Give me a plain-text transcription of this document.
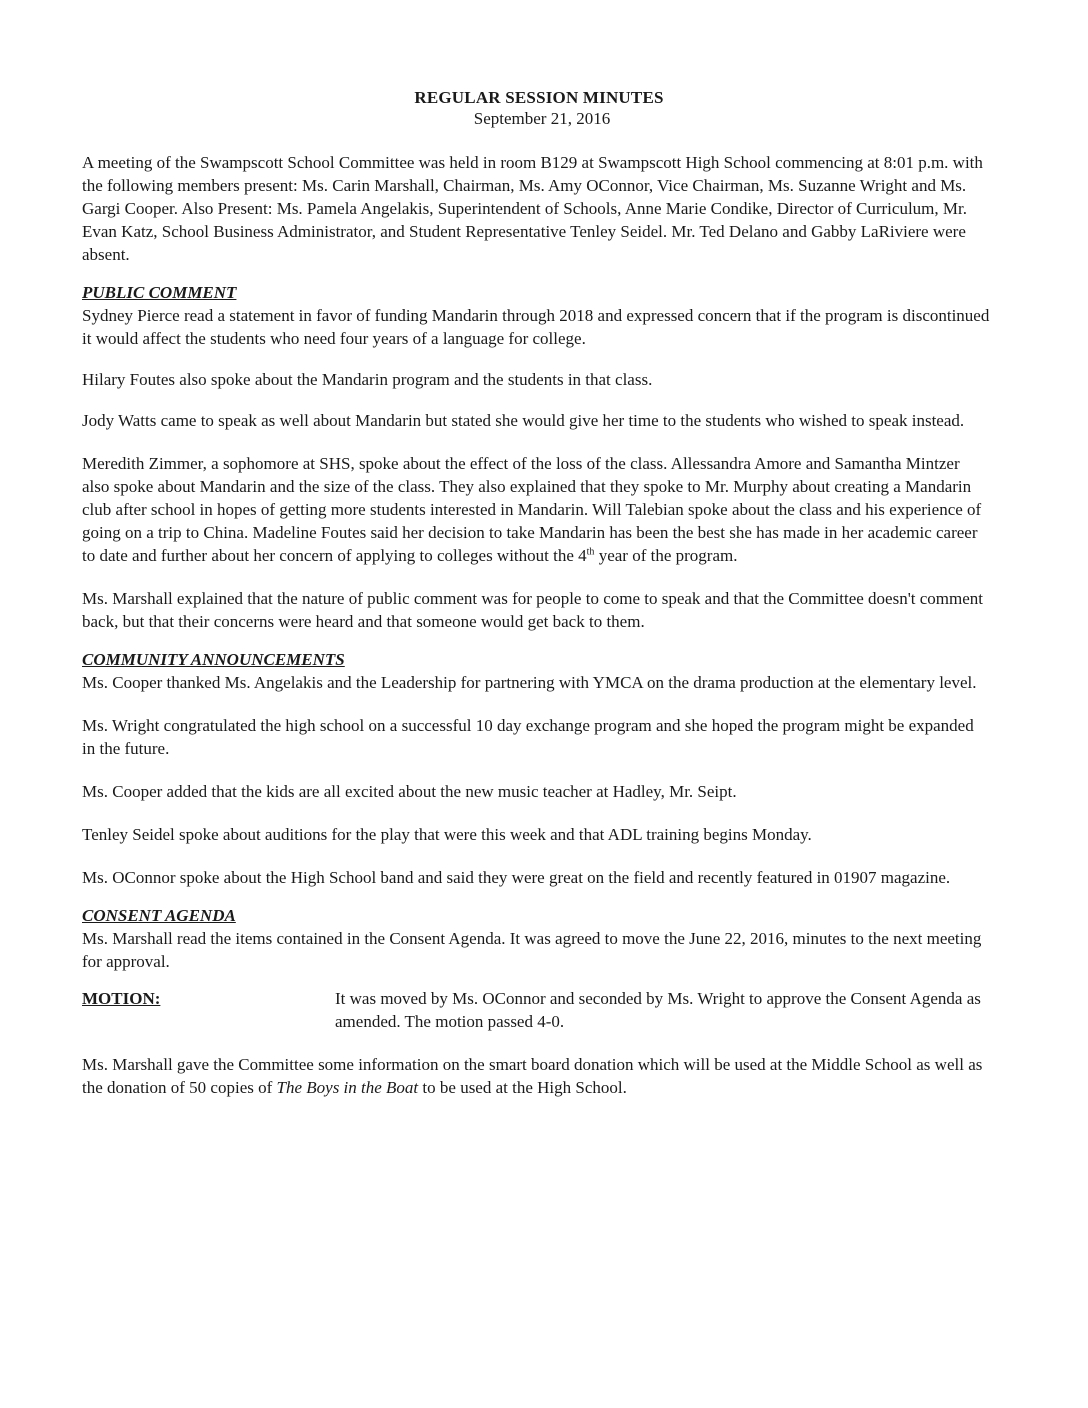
REGULAR SESSION MINUTES
September 21, 2016

A meeting of the Swampscott School Committee was held in room B129 at Swampscott High School commencing at 8:01 p.m. with the following members present: Ms. Carin Marshall, Chairman, Ms. Amy OConnor, Vice Chairman, Ms. Suzanne Wright and Ms. Gargi Cooper. Also Present: Ms. Pamela Angelakis, Superintendent of Schools, Anne Marie Condike, Director of Curriculum, Mr. Evan Katz, School Business Administrator, and Student Representative Tenley Seidel. Mr. Ted Delano and Gabby LaRiviere were absent.

PUBLIC COMMENT

Sydney Pierce read a statement in favor of funding Mandarin through 2018 and expressed concern that if the program is discontinued it would affect the students who need four years of a language for college.

Hilary Foutes also spoke about the Mandarin program and the students in that class.

Jody Watts came to speak as well about Mandarin but stated she would give her time to the students who wished to speak instead.

Meredith Zimmer, a sophomore at SHS, spoke about the effect of the loss of the class. Allessandra Amore and Samantha Mintzer also spoke about Mandarin and the size of the class. They also explained that they spoke to Mr. Murphy about creating a Mandarin club after school in hopes of getting more students interested in Mandarin. Will Talebian spoke about the class and his experience of going on a trip to China. Madeline Foutes said her decision to take Mandarin has been the best she has made in her academic career to date and further about her concern of applying to colleges without the 4th year of the program.

Ms. Marshall explained that the nature of public comment was for people to come to speak and that the Committee doesn't comment back, but that their concerns were heard and that someone would get back to them.

COMMUNITY ANNOUNCEMENTS

Ms. Cooper thanked Ms. Angelakis and the Leadership for partnering with YMCA on the drama production at the elementary level.

Ms. Wright congratulated the high school on a successful 10 day exchange program and she hoped the program might be expanded in the future.

Ms. Cooper added that the kids are all excited about the new music teacher at Hadley, Mr. Seipt.

Tenley Seidel spoke about auditions for the play that were this week and that ADL training begins Monday.

Ms. OConnor spoke about the High School band and said they were great on the field and recently featured in 01907 magazine.

CONSENT AGENDA

Ms. Marshall read the items contained in the Consent Agenda. It was agreed to move the June 22, 2016, minutes to the next meeting for approval.

MOTION:	It was moved by Ms. OConnor and seconded by Ms. Wright to approve the Consent Agenda as amended. The motion passed 4-0.

Ms. Marshall gave the Committee some information on the smart board donation which will be used at the Middle School as well as the donation of 50 copies of The Boys in the Boat to be used at the High School.
